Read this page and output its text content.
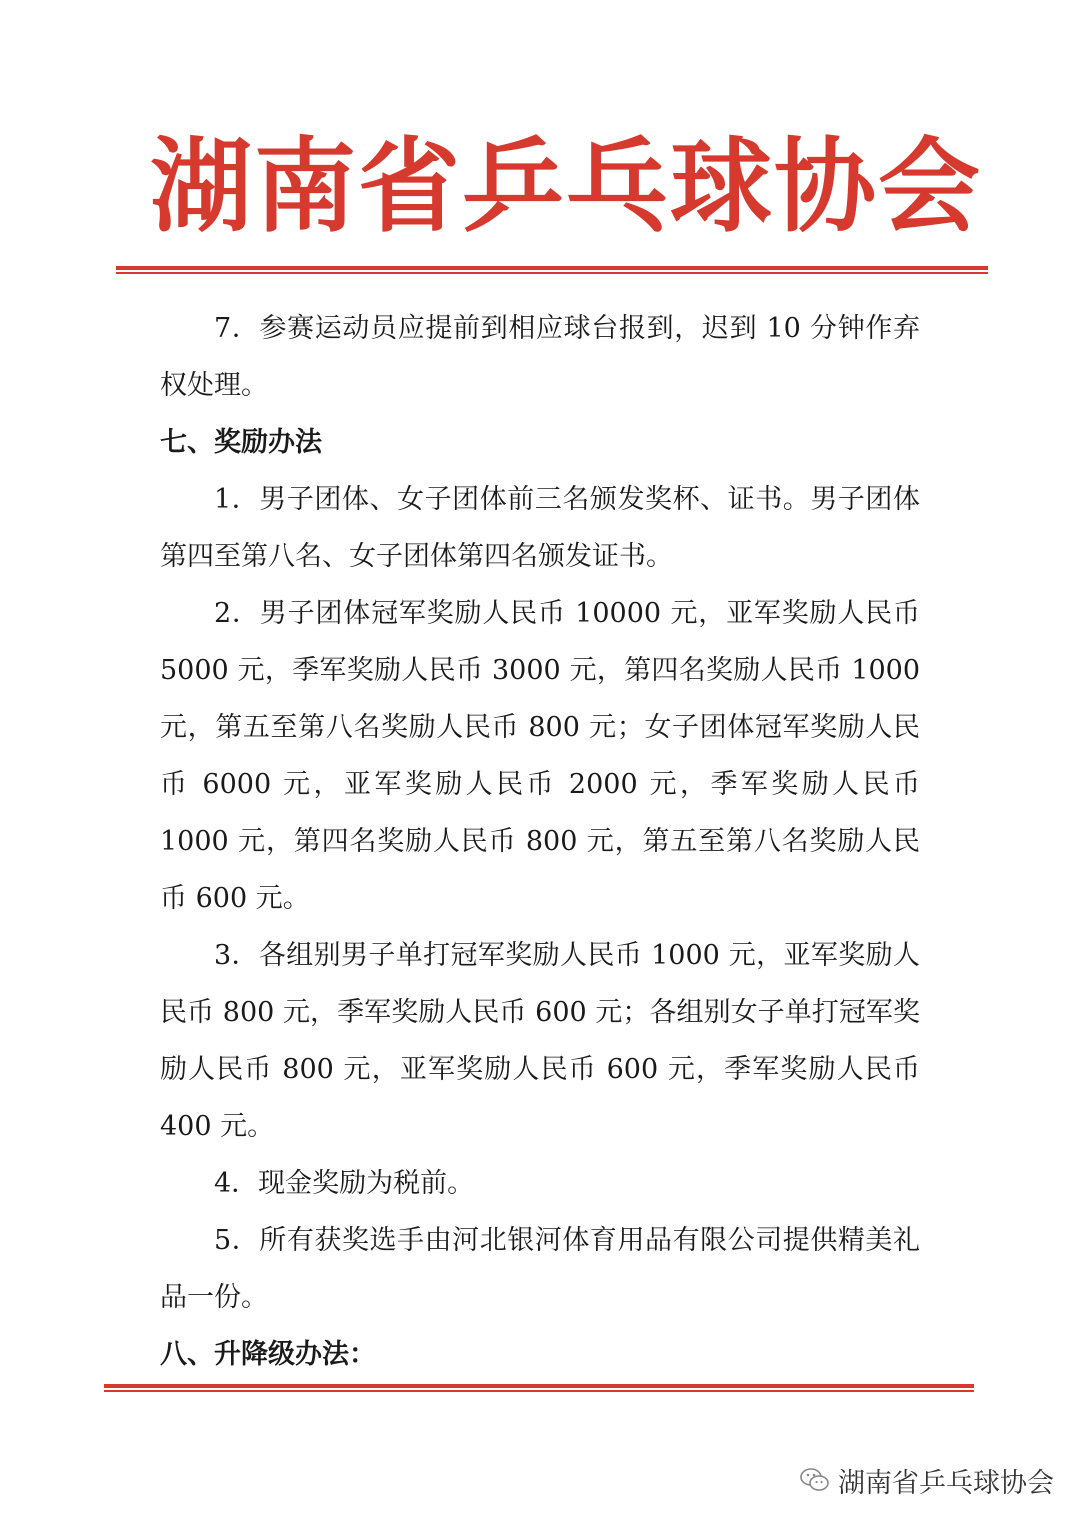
湖南省乒乓球协会

7．参赛运动员应提前到相应球台报到，迟到 10 分钟作弃权处理。

七、奖励办法

1．男子团体、女子团体前三名颁发奖杯、证书。男子团体第四至第八名、女子团体第四名颁发证书。

2．男子团体冠军奖励人民币 10000 元，亚军奖励人民币 5000 元，季军奖励人民币 3000 元，第四名奖励人民币 1000 元，第五至第八名奖励人民币 800 元；女子团体冠军奖励人民币 6000 元，亚军奖励人民币 2000 元，季军奖励人民币 1000 元，第四名奖励人民币 800 元，第五至第八名奖励人民币 600 元。

3．各组别男子单打冠军奖励人民币 1000 元，亚军奖励人民币 800 元，季军奖励人民币 600 元；各组别女子单打冠军奖励人民币 800 元，亚军奖励人民币 600 元，季军奖励人民币 400 元。

4．现金奖励为税前。

5．所有获奖选手由河北银河体育用品有限公司提供精美礼品一份。

八、升降级办法：

湖南省乒乓球协会
